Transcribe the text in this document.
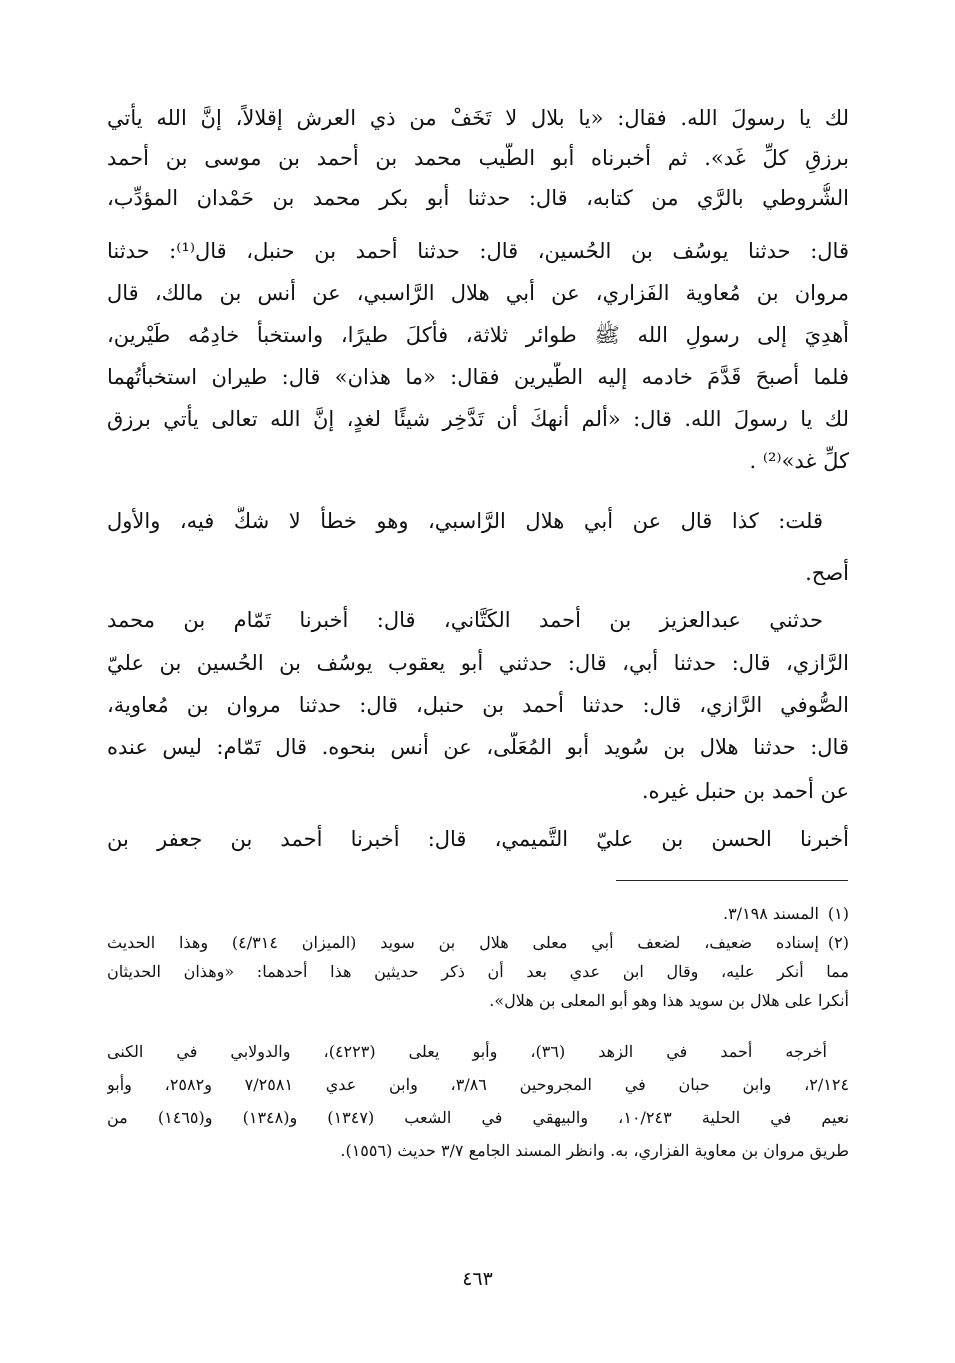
لك يا رسولَ الله. فقال: «يا بلال لا تَخَفْ من ذي العرش إقلالاً، إنَّ الله يأتي
برزقِ كلِّ غَد». ثم أخبرناه أبو الطَّيب محمد بن أحمد بن موسى بن أحمد
الشُّروطي بالرَّي من كتابه، قال: حدثنا أبو بكر محمد بن حَمْدان المؤدِّب،
قال: حدثنا يوسُف بن الحُسين، قال: حدثنا أحمد بن حنبل، قال⁽¹⁾: حدثنا
مروان بن مُعاوية الفَزاري، عن أبي هلال الرَّاسبي، عن أنس بن مالك، قال
أُهدِيَ إلى رسولِ الله ﷺ طوائر ثلاثة، فأكلَ طيرًا، واستخبأ خادِمُه طَيْرين،
فلما أصبحَ قَدَّمَ خادمه إليه الطَّيرين فقال: «ما هذان» قال: طيران استخبأتُهما
لك يا رسولَ الله. قال: «ألم أنهكَ أن تَدَّخِر شيئًا لغدٍ، إنَّ الله تعالى يأتي برزق
كلِّ غد»⁽²⁾ .
قلت: كذا قال عن أبي هلال الرَّاسبي، وهو خطأ لا شكَّ فيه، والأول
أصح.
حدثني عبدالعزيز بن أحمد الكَتَّاني، قال: أخبرنا تَمّام بن محمد
الرَّازي، قال: حدثنا أبي، قال: حدثني أبو يعقوب يوسُف بن الحُسين بن عليّ
الصُّوفي الرَّازي، قال: حدثنا أحمد بن حنبل، قال: حدثنا مروان بن مُعاوية،
قال: حدثنا هلال بن سُويد أبو المُعَلَّى، عن أنس بنحوه. قال تَمّام: ليس عنده
عن أحمد بن حنبل غيره.
أخبرنا الحسن بن عليّ التَّميمي، قال: أخبرنا أحمد بن جعفر بن
(١)المسند ٣/١٩٨.
(٢)إسناده ضعيف، لضعف أبي معلى هلال بن سويد (الميزان ٤/٣١٤) وهذا الحديث
مما أنكر عليه، وقال ابن عدي بعد أن ذكر حديثين هذا أحدهما: «وهذان الحديثان
أنكرا على هلال بن سويد هذا وهو أبو المعلى بن هلال».
أخرجه أحمد في الزهد (٣٦)، وأبو يعلى (٤٢٢٣)، والدولابي في الكنى
٢/١٢٤، وابن حبان في المجروحين ٣/٨٦، وابن عدي ٧/٢٥٨١ و٢٥٨٢، وأبو
نعيم في الحلية ١٠/٢٤٣، والبيهقي في الشعب (١٣٤٧) و(١٣٤٨) و(١٤٦٥) من
طريق مروان بن معاوية الفزاري، به. وانظر المسند الجامع ٣/٧ حديث (١٥٥٦).
٤٦٣
